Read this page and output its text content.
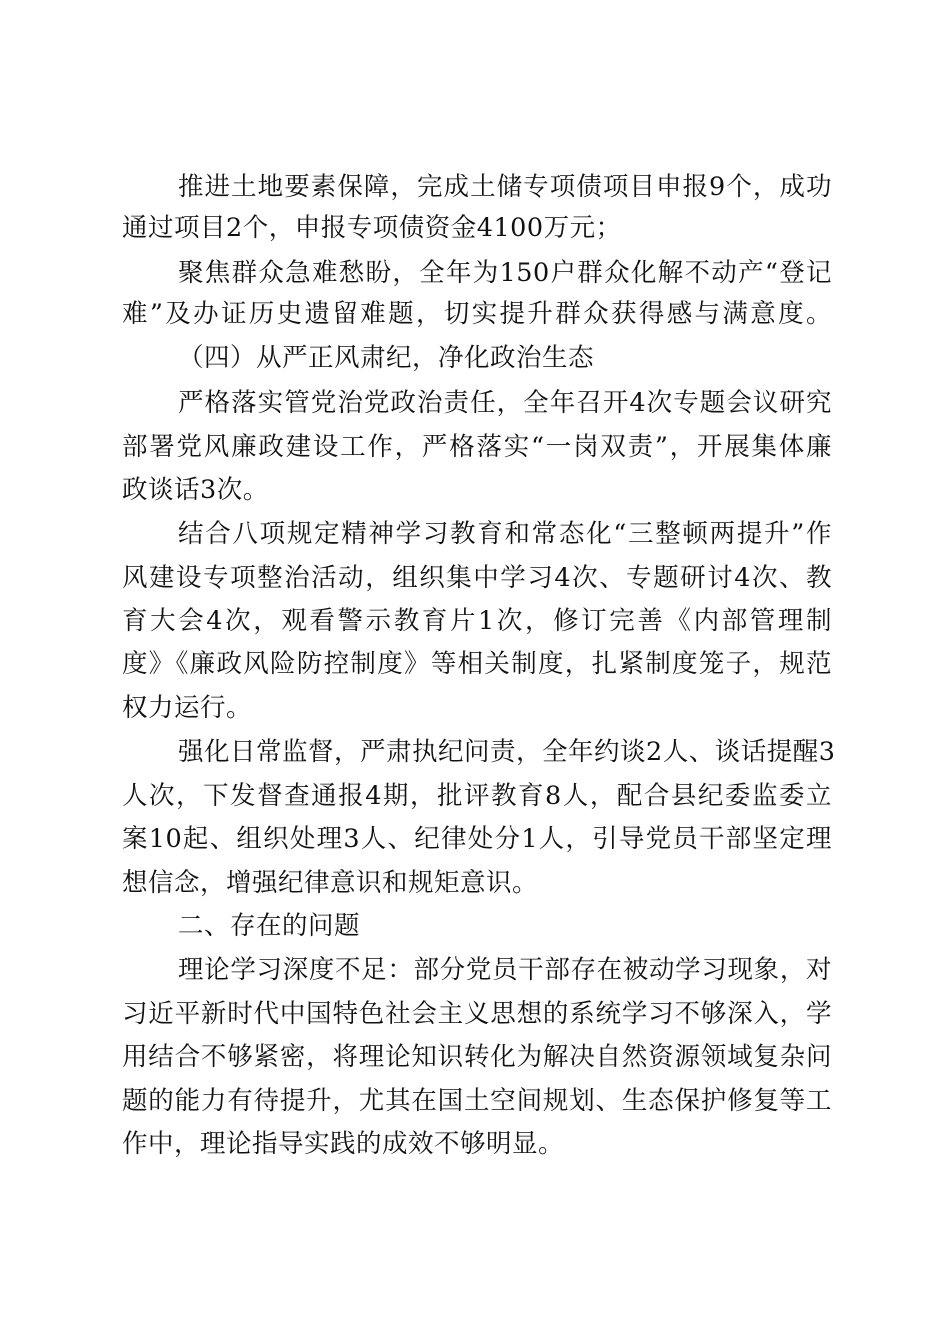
推进土地要素保障，完成土储专项债项目申报9个，成功
通过项目2个，申报专项债资金4100万元；
聚焦群众急难愁盼，全年为150户群众化解不动产“登记
难”及办证历史遗留难题，切实提升群众获得感与满意度。
（四）从严正风肃纪，净化政治生态
严格落实管党治党政治责任，全年召开4次专题会议研究
部署党风廉政建设工作，严格落实“一岗双责”，开展集体廉
政谈话3次。
结合八项规定精神学习教育和常态化“三整顿两提升”作
风建设专项整治活动，组织集中学习4次、专题研讨4次、教
育大会4次，观看警示教育片1次，修订完善《内部管理制
度》《廉政风险防控制度》等相关制度，扎紧制度笼子，规范
权力运行。
强化日常监督，严肃执纪问责，全年约谈2人、谈话提醒3
人次，下发督查通报4期，批评教育8人，配合县纪委监委立
案10起、组织处理3人、纪律处分1人，引导党员干部坚定理
想信念，增强纪律意识和规矩意识。
二、存在的问题
理论学习深度不足：部分党员干部存在被动学习现象，对
习近平新时代中国特色社会主义思想的系统学习不够深入，学
用结合不够紧密，将理论知识转化为解决自然资源领域复杂问
题的能力有待提升，尤其在国土空间规划、生态保护修复等工
作中，理论指导实践的成效不够明显。
